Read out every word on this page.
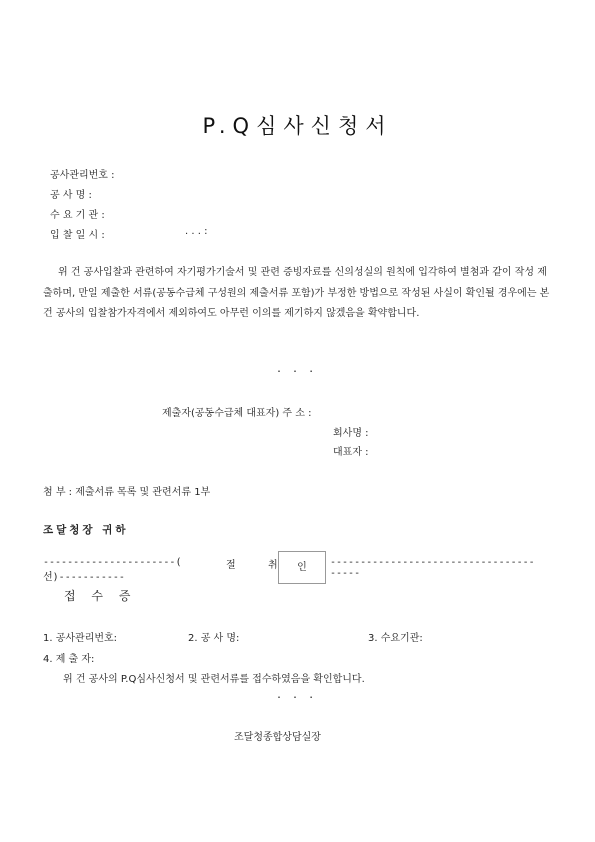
P.Q심사신청서
공사관리번호 :
공 사 명 :
수 요 기 관 :
입 찰 일 시 :	. . . :
위 건 공사입찰과 관련하여 자기평가기술서 및 관련 증빙자료를 신의성실의 원칙에 입각하여 별첨과 같이 작성 제출하며, 만일 제출한 서류(공동수급체 구성원의 제출서류 포함)가 부정한 방법으로 작성된 사실이 확인될 경우에는 본건 공사의 입찰참가자격에서 제외하여도 아무런 이의를 제기하지 않겠음을 확약합니다.
. . .
제출자(공동수급체 대표자) 주 소 :
회사명 :
대표자 :
첨 부 : 제출서류 목록 및 관련서류 1부
조달청장 귀하
----------------------(	절	취	인	----------------------------------
선)-----------	-----
접 수 증
1. 공사관리번호:	2. 공 사 명:	3. 수요기관:
4. 제 출 자:
위 건 공사의 P.Q심사신청서 및 관련서류를 접수하였음을 확인합니다.
. . .
조달청종합상담실장
